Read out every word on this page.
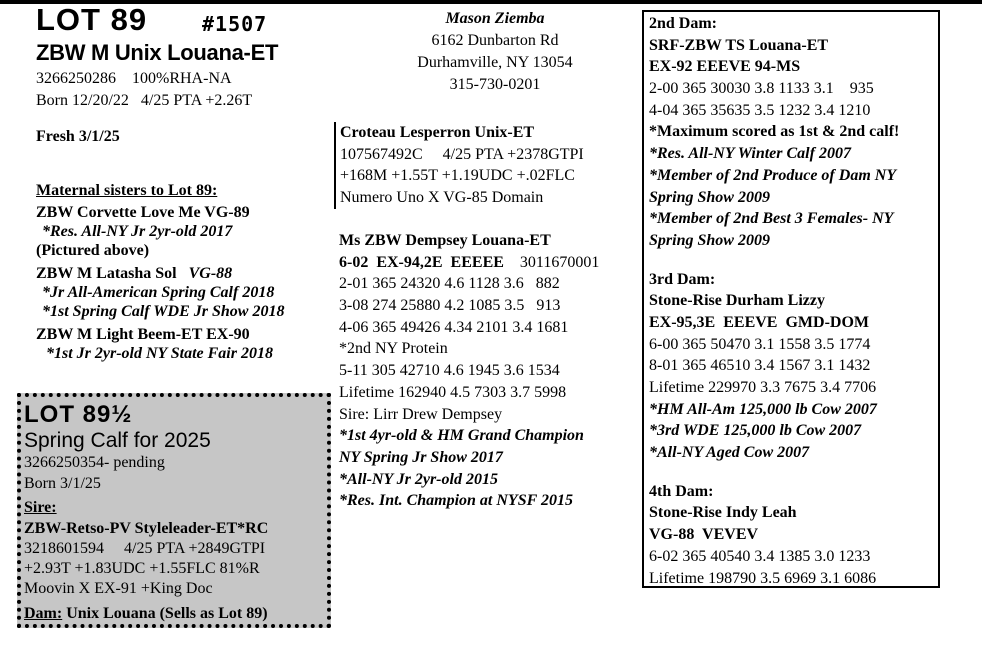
LOT 89	#1507
ZBW M Unix Louana-ET
3266250286    100%RHA-NA
Born 12/20/22   4/25 PTA +2.26T
Fresh 3/1/25
Maternal sisters to Lot 89:
ZBW Corvette Love Me VG-89
*Res. All-NY Jr 2yr-old 2017
(Pictured above)
ZBW M Latasha Sol VG-88
*Jr All-American Spring Calf 2018
*1st Spring Calf WDE Jr Show 2018
ZBW M Light Beem-ET EX-90
*1st Jr 2yr-old NY State Fair 2018
Mason Ziemba
6162 Dunbarton Rd
Durhamville, NY 13054
315-730-0201
Croteau Lesperron Unix-ET
107567492C     4/25 PTA +2378GTPI
+168M +1.55T +1.19UDC +.02FLC
Numero Uno X VG-85 Domain
Ms ZBW Dempsey Louana-ET
6-02  EX-94,2E  EEEEE 3011670001
2-01 365 24320 4.6 1128 3.6   882
3-08 274 25880 4.2 1085 3.5   913
4-06 365 49426 4.34 2101 3.4 1681
*2nd NY Protein
5-11 305 42710 4.6 1945 3.6 1534
Lifetime 162940 4.5 7303 3.7 5998
Sire: Lirr Drew Dempsey
*1st 4yr-old & HM Grand Champion
NY Spring Jr Show 2017
*All-NY Jr 2yr-old 2015
*Res. Int. Champion at NYSF 2015
2nd Dam:
SRF-ZBW TS Louana-ET
EX-92 EEEVE 94-MS
2-00 365 30030 3.8 1133 3.1    935
4-04 365 35635 3.5 1232 3.4 1210
*Maximum scored as 1st & 2nd calf!
*Res. All-NY Winter Calf 2007
*Member of 2nd Produce of Dam NY
Spring Show 2009
*Member of 2nd Best 3 Females- NY
Spring Show 2009
3rd Dam:
Stone-Rise Durham Lizzy
EX-95,3E  EEEVE  GMD-DOM
6-00 365 50470 3.1 1558 3.5 1774
8-01 365 46510 3.4 1567 3.1 1432
Lifetime 229970 3.3 7675 3.4 7706
*HM All-Am 125,000 lb Cow 2007
*3rd WDE 125,000 lb Cow 2007
*All-NY Aged Cow 2007
4th Dam:
Stone-Rise Indy Leah
VG-88  VEVEV
6-02 365 40540 3.4 1385 3.0 1233
Lifetime 198790 3.5 6969 3.1 6086
LOT 89½
Spring Calf for 2025
3266250354- pending
Born 3/1/25
Sire:
ZBW-Retso-PV Styleleader-ET*RC
3218601594     4/25 PTA +2849GTPI
+2.93T +1.83UDC +1.55FLC 81%R
Moovin X EX-91 +King Doc
Dam: Unix Louana (Sells as Lot 89)
